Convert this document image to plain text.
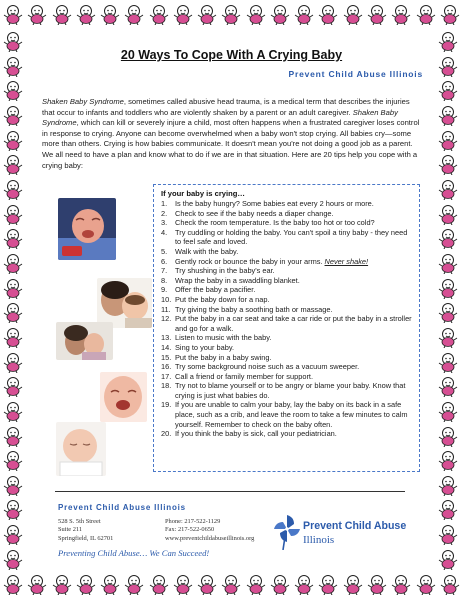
20 Ways To Cope With A Crying Baby
Prevent Child Abuse Illinois
Shaken Baby Syndrome, sometimes called abusive head trauma, is a medical term that describes the injuries that occur to infants and toddlers who are violently shaken by a parent or an adult caregiver. Shaken Baby Syndrome, which can kill or severely injure a child, most often happens when a frustrated caregiver loses control in response to crying. Anyone can become overwhelmed when a baby won't stop crying. All babies cry—some more than others. Crying is how babies communicate. It doesn't mean you're not doing a good job as a parent. We all need to have a plan and know what to do if we are in that situation. Here are 20 tips help you cope with a crying baby:
If your baby is crying…
1.	Is the baby hungry? Some babies eat every 2 hours or more.
2.	Check to see if the baby needs a diaper change.
3.	Check the room temperature. Is the baby too hot or too cold?
4.	Try cuddling or holding the baby. You can't spoil a tiny baby - they need to feel safe and loved.
5.	Walk with the baby.
6.	Gently rock or bounce the baby in your arms. Never shake!
7.	Try shushing in the baby's ear.
8.	Wrap the baby in a swaddling blanket.
9.	Offer the baby a pacifier.
10. Put the baby down for a nap.
11. Try giving the baby a soothing bath or massage.
12. Put the baby in a car seat and take a car ride or put the baby in a stroller and go for a walk.
13. Listen to music with the baby.
14. Sing to your baby.
15. Put the baby in a baby swing.
16. Try some background noise such as a vacuum sweeper.
17. Call a friend or family member for support.
18. Try not to blame yourself or to be angry or blame your baby. Know that crying is just what babies do.
19. If you are unable to calm your baby, lay the baby on its back in a safe place, such as a crib, and leave the room to take a few minutes to calm yourself. Remember to check on the baby often.
20. If you think the baby is sick, call your pediatrician.
Prevent Child Abuse Illinois
528 S. 5th Street
Suite 211
Springfield, IL 62701
Phone: 217-522-1129
Fax: 217-522-0650
www.preventchildabuseillinois.org
Preventing Child Abuse… We Can Succeed!
Prevent Child Abuse
Illinois
